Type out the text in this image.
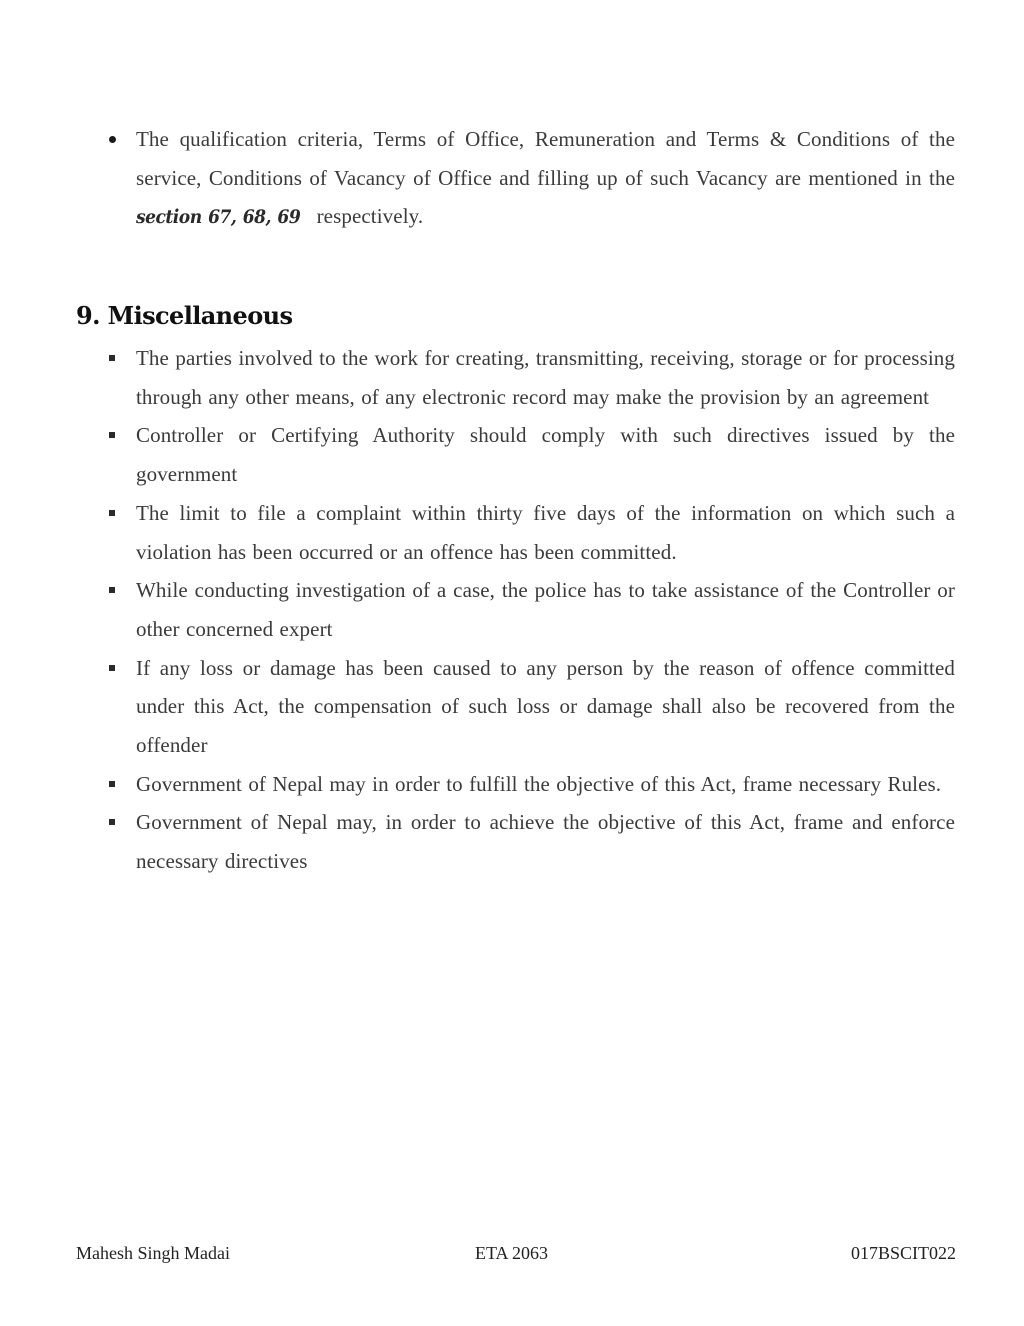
The qualification criteria, Terms of Office, Remuneration and Terms & Conditions of the service, Conditions of Vacancy of Office and filling up of such Vacancy are mentioned in the section 67, 68, 69 respectively.
9. Miscellaneous
The parties involved to the work for creating, transmitting, receiving, storage or for processing through any other means, of any electronic record may make the provision by an agreement
Controller or Certifying Authority should comply with such directives issued by the government
The limit to file a complaint within thirty five days of the information on which such a violation has been occurred or an offence has been committed.
While conducting investigation of a case, the police has to take assistance of the Controller or other concerned expert
If any loss or damage has been caused to any person by the reason of offence committed under this Act, the compensation of such loss or damage shall also be recovered from the offender
Government of Nepal may in order to fulfill the objective of this Act, frame necessary Rules.
Government of Nepal may, in order to achieve the objective of this Act, frame and enforce necessary directives
Mahesh Singh Madai	ETA 2063	017BSCIT022
